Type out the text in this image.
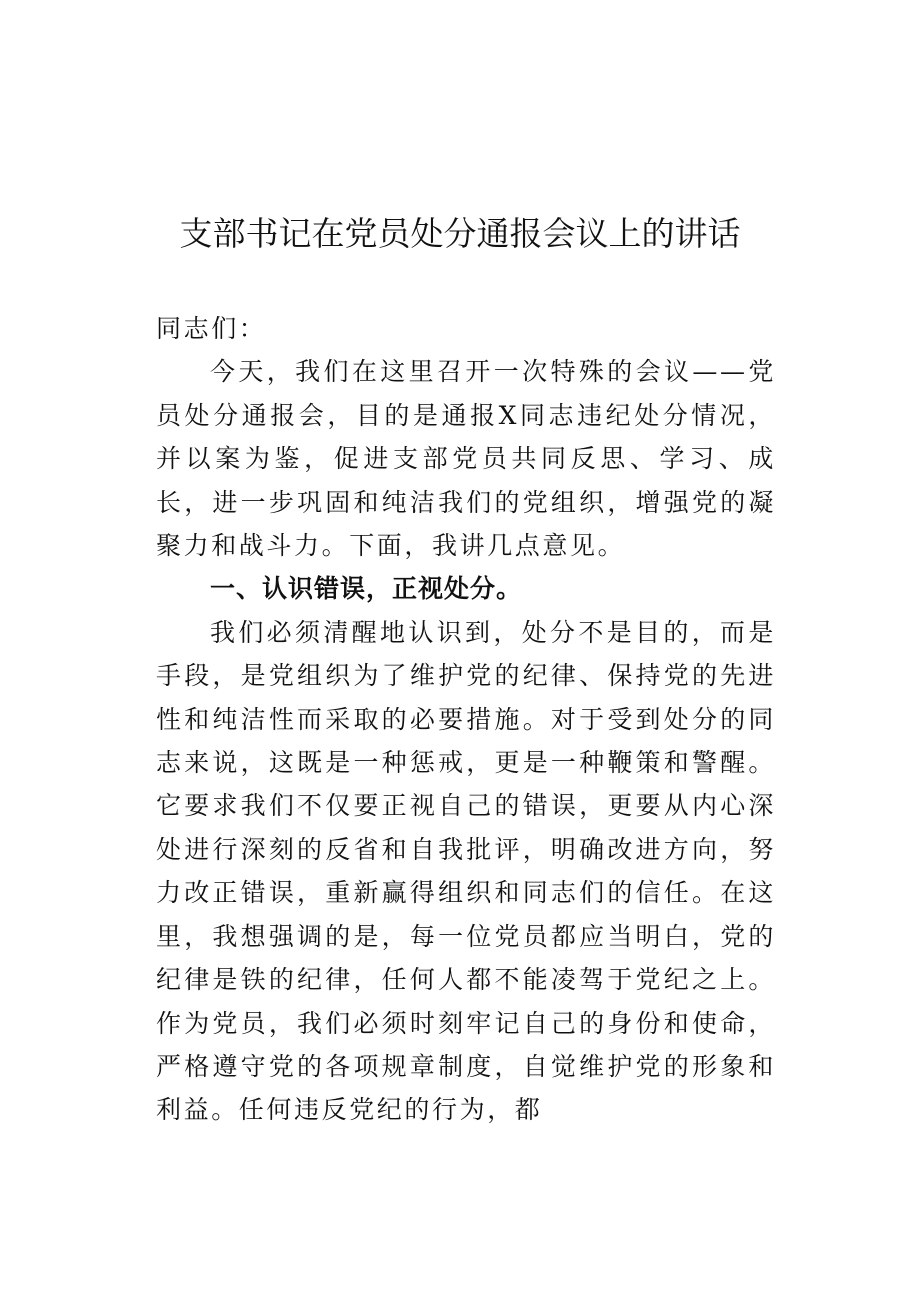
支部书记在党员处分通报会议上的讲话

同志们：

今天，我们在这里召开一次特殊的会议——党员处分通报会，目的是通报X同志违纪处分情况，并以案为鉴，促进支部党员共同反思、学习、成长，进一步巩固和纯洁我们的党组织，增强党的凝聚力和战斗力。下面，我讲几点意见。

一、认识错误，正视处分。

我们必须清醒地认识到，处分不是目的，而是手段，是党组织为了维护党的纪律、保持党的先进性和纯洁性而采取的必要措施。对于受到处分的同志来说，这既是一种惩戒，更是一种鞭策和警醒。它要求我们不仅要正视自己的错误，更要从内心深处进行深刻的反省和自我批评，明确改进方向，努力改正错误，重新赢得组织和同志们的信任。在这里，我想强调的是，每一位党员都应当明白，党的纪律是铁的纪律，任何人都不能凌驾于党纪之上。作为党员，我们必须时刻牢记自己的身份和使命，严格遵守党的各项规章制度，自觉维护党的形象和利益。任何违反党纪的行为，都
